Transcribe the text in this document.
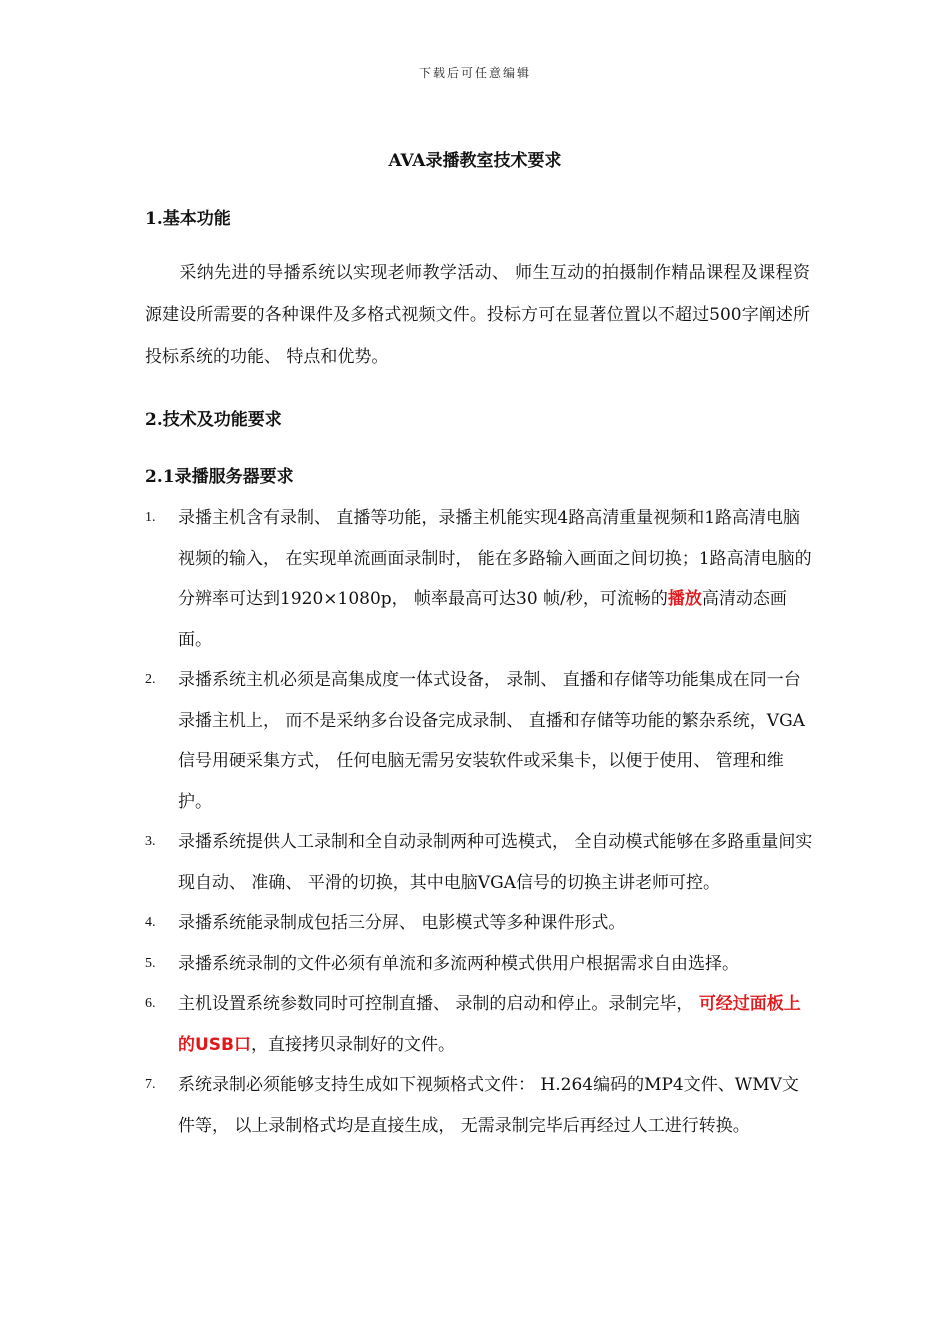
下载后可任意编辑
AVA录播教室技术要求
1.基本功能
采纳先进的导播系统以实现老师教学活动、 师生互动的拍摄制作精品课程及课程资源建设所需要的各种课件及多格式视频文件。投标方可在显著位置以不超过500字阐述所投标系统的功能、 特点和优势。
2.技术及功能要求
2.1录播服务器要求
1. 录播主机含有录制、 直播等功能，录播主机能实现4路高清重量视频和1路高清电脑视频的输入， 在实现单流画面录制时， 能在多路输入画面之间切换；1路高清电脑的分辨率可达到1920×1080p， 帧率最高可达30 帧/秒，可流畅的播放高清动态画面。
2. 录播系统主机必须是高集成度一体式设备， 录制、 直播和存储等功能集成在同一台录播主机上， 而不是采纳多台设备完成录制、 直播和存储等功能的繁杂系统，VGA信号用硬采集方式， 任何电脑无需另安装软件或采集卡，以便于使用、 管理和维护。
3. 录播系统提供人工录制和全自动录制两种可选模式， 全自动模式能够在多路重量间实现自动、 准确、 平滑的切换，其中电脑VGA信号的切换主讲老师可控。
4. 录播系统能录制成包括三分屏、 电影模式等多种课件形式。
5. 录播系统录制的文件必须有单流和多流两种模式供用户根据需求自由选择。
6. 主机设置系统参数同时可控制直播、 录制的启动和停止。录制完毕， 可经过面板上的USB口，直接拷贝录制好的文件。
7. 系统录制必须能够支持生成如下视频格式文件： H.264编码的MP4文件、WMV文件等， 以上录制格式均是直接生成， 无需录制完毕后再经过人工进行转换。
